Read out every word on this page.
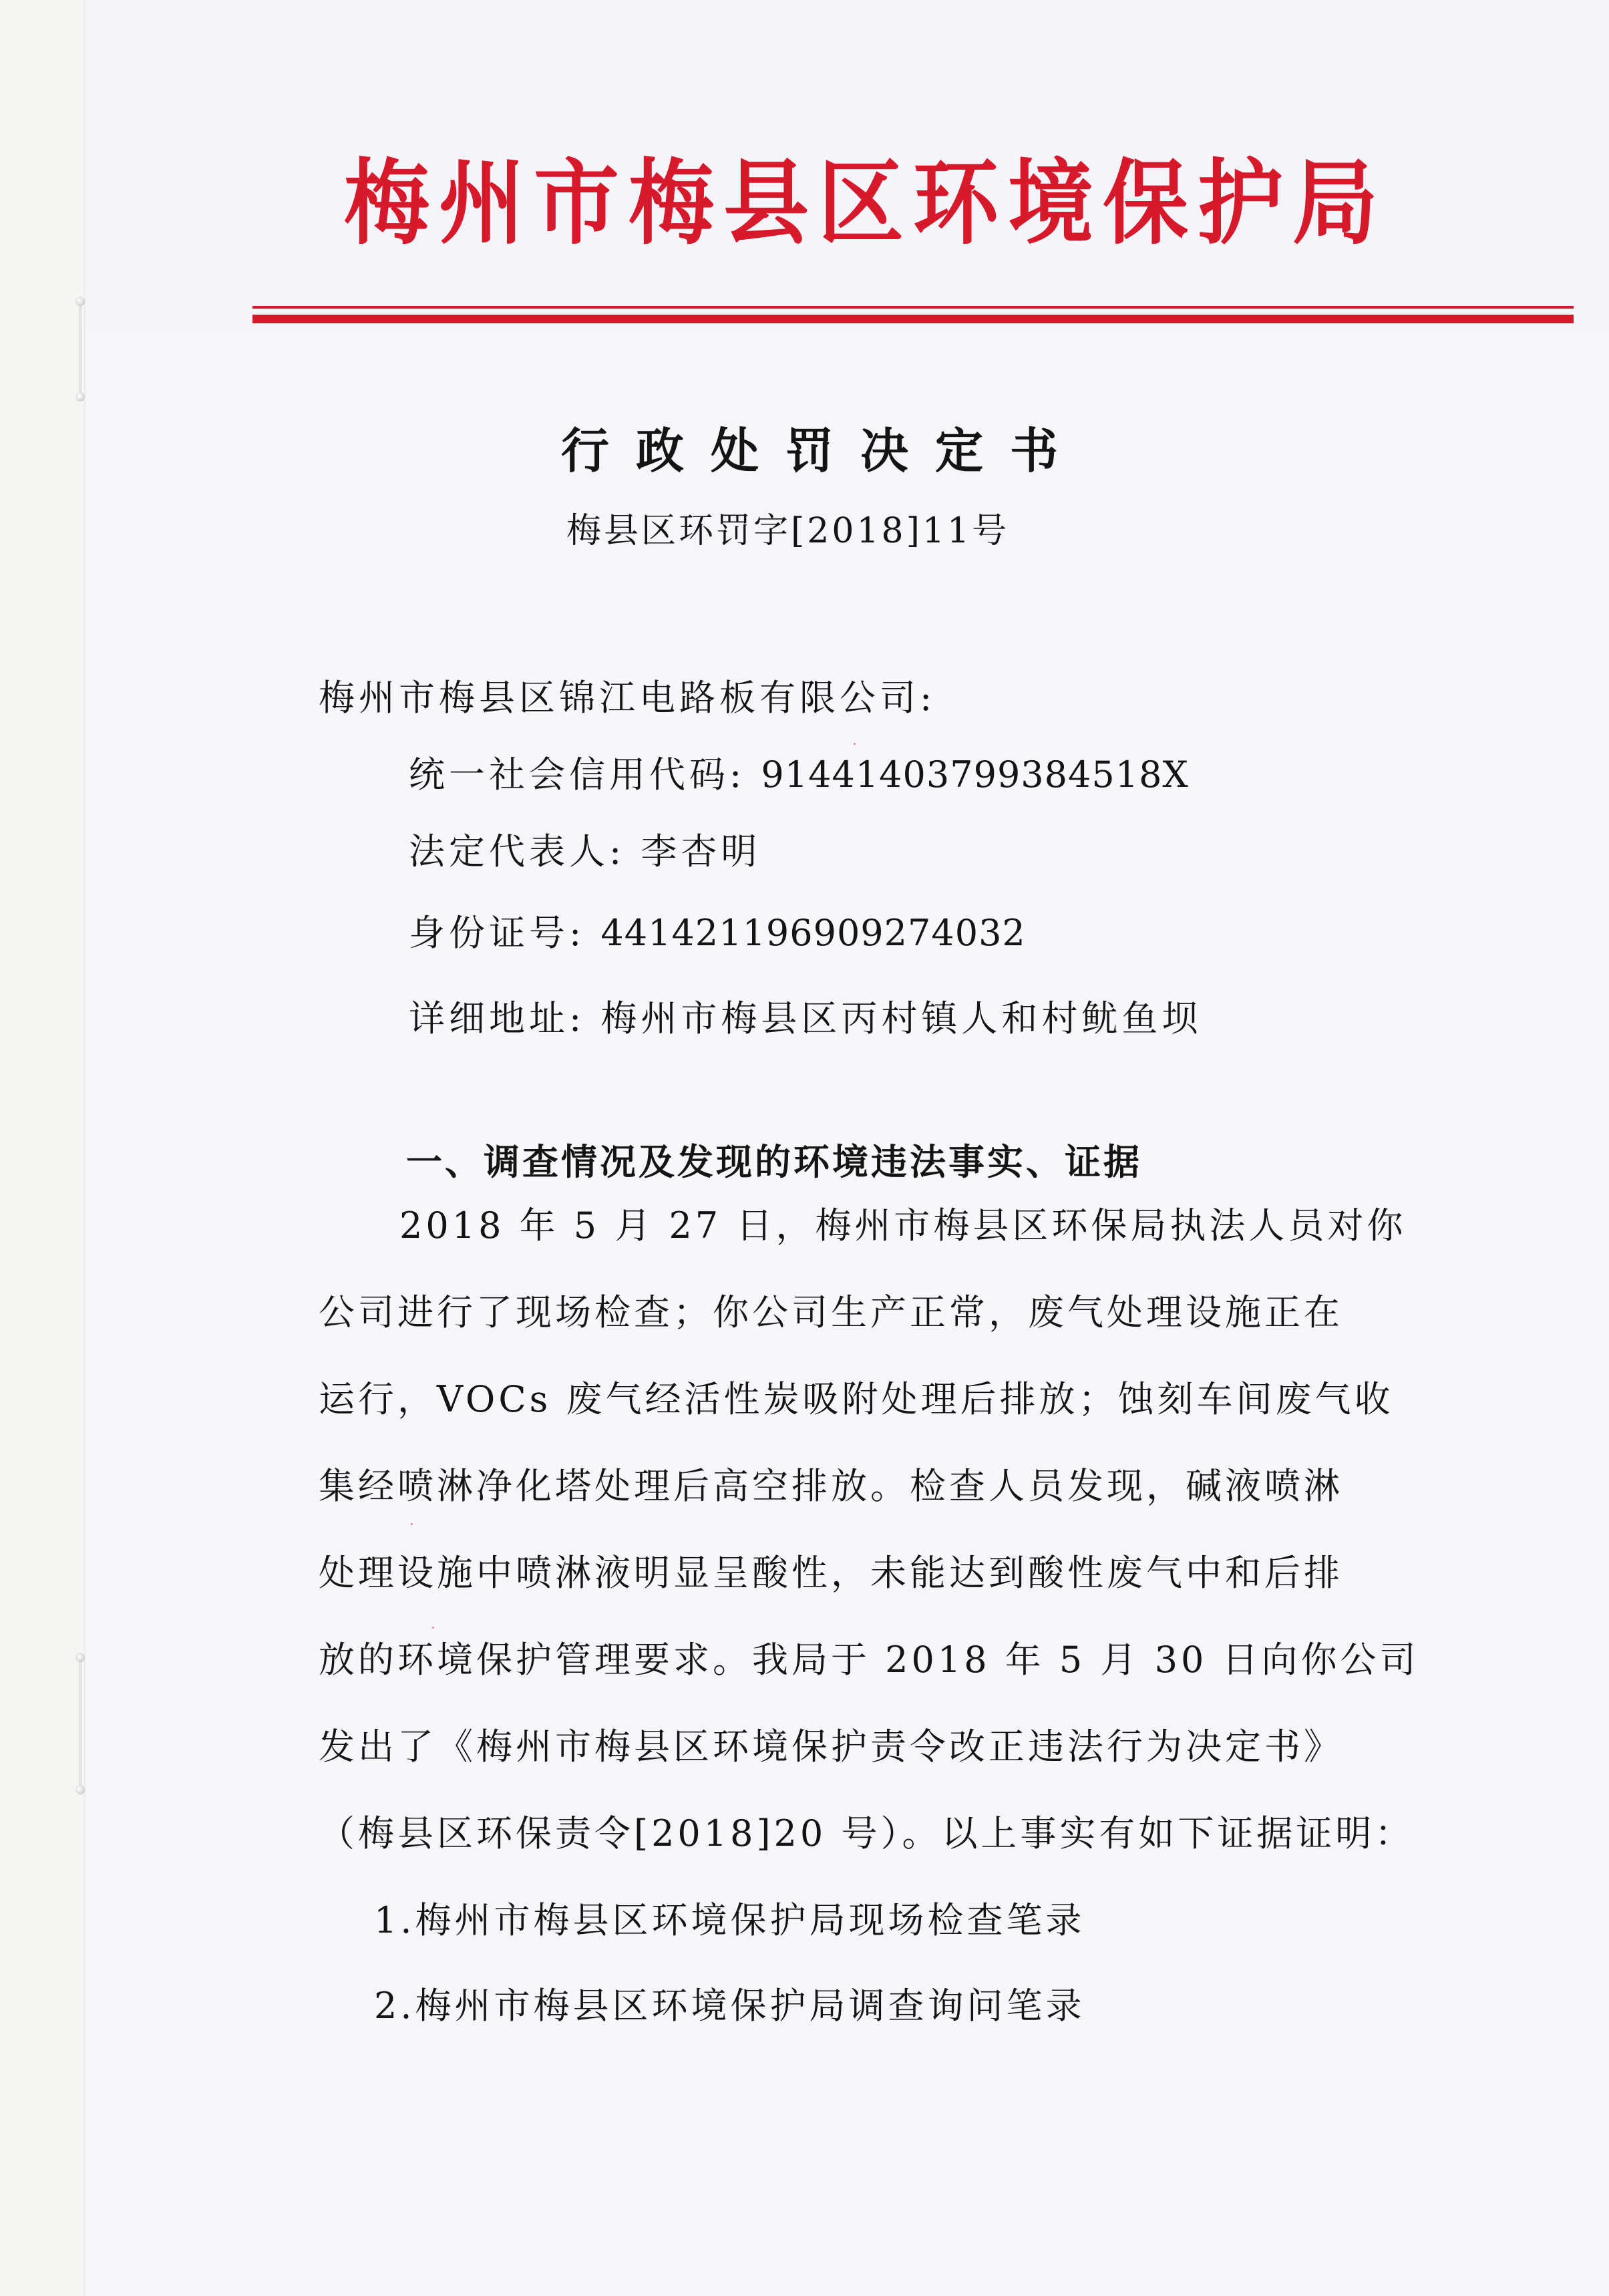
梅州市梅县区环境保护局
行政处罚决定书
梅县区环罚字[2018]11号
梅州市梅县区锦江电路板有限公司:
统一社会信用代码: 91441403799384518X
法定代表人: 李杏明
身份证号: 441421196909274032
详细地址: 梅州市梅县区丙村镇人和村鱿鱼坝
一、调查情况及发现的环境违法事实、证据
2018 年 5 月 27 日，梅州市梅县区环保局执法人员对你
公司进行了现场检查；你公司生产正常，废气处理设施正在
运行，VOCs 废气经活性炭吸附处理后排放；蚀刻车间废气收
集经喷淋净化塔处理后高空排放。检查人员发现，碱液喷淋
处理设施中喷淋液明显呈酸性，未能达到酸性废气中和后排
放的环境保护管理要求。我局于 2018 年 5 月 30 日向你公司
发出了《梅州市梅县区环境保护责令改正违法行为决定书》
（梅县区环保责令[2018]20 号）。以上事实有如下证据证明：
1.梅州市梅县区环境保护局现场检查笔录
2.梅州市梅县区环境保护局调查询问笔录
